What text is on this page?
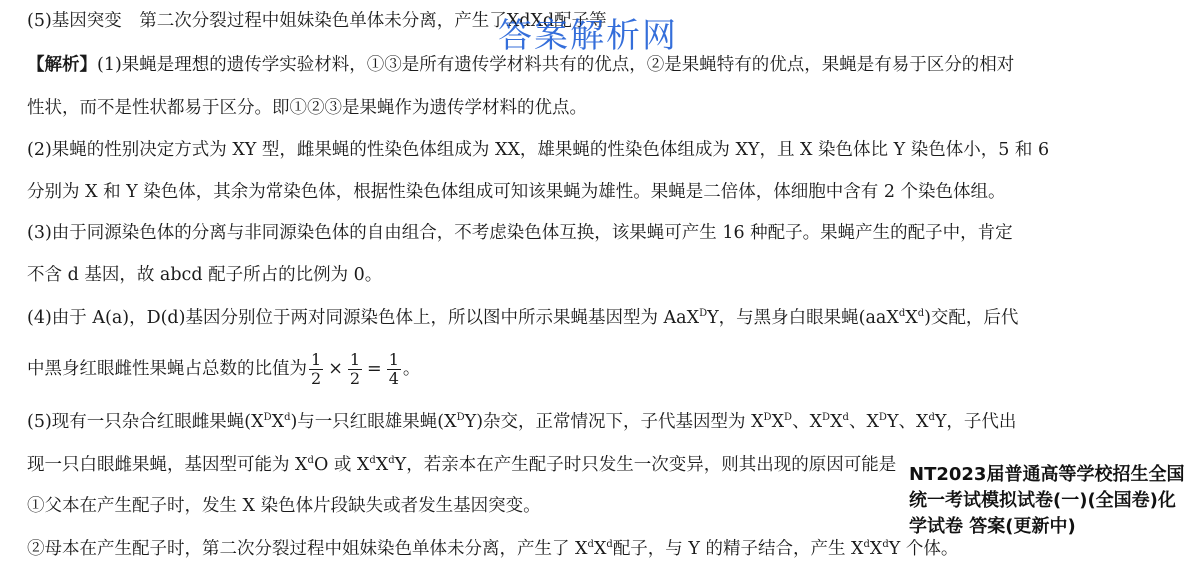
(5)基因突变　第二次分裂过程中姐妹染色单体未分离，产生了XdXd配子等
【解析】(1)果蝇是理想的遗传学实验材料，①③是所有遗传学材料共有的优点，②是果蝇特有的优点，果蝇是有易于区分的相对
性状，而不是性状都易于区分。即①②③是果蝇作为遗传学材料的优点。
(2)果蝇的性别决定方式为 XY 型，雌果蝇的性染色体组成为 XX，雄果蝇的性染色体组成为 XY，且 X 染色体比 Y 染色体小，5 和 6
分别为 X 和 Y 染色体，其余为常染色体，根据性染色体组成可知该果蝇为雄性。果蝇是二倍体，体细胞中含有 2 个染色体组。
(3)由于同源染色体的分离与非同源染色体的自由组合，不考虑染色体互换，该果蝇可产生 16 种配子。果蝇产生的配子中，肯定
不含 d 基因，故 abcd 配子所占的比例为 0。
(4)由于 A(a)，D(d)基因分别位于两对同源染色体上，所以图中所示果蝇基因型为 AaX$^D$Y，与黑身白眼果蝇$(aaX^dX^d)$交配，后代
中黑身红眼雌性果蝇占总数的比值为 $\frac{1}{2} \times \frac{1}{2} = \frac{1}{4}$ 。
(5)现有一只杂合红眼雌果蝇$(X^DX^d)$与一只红眼雄果蝇$(X^DY)$杂交，正常情况下，子代基因型为 $X^DX^D$、$X^DX^d$、$X^DY$、$X^dY$，子代出
现一只白眼雌果蝇，基因型可能为 $X^dO$ 或 $X^dX^dY$，若亲本在产生配子时只发生一次变异，则其出现的原因可能是
①父本在产生配子时，发生 X 染色体片段缺失或者发生基因突变。
②母本在产生配子时，第二次分裂过程中姐妹染色单体未分离，产生了 $X^dX^d$配子，与 Y 的精子结合，产生 $X^dX^dY$ 个体。
答案解析网
NT2023届普通高等学校招生全国统一考试模拟试卷(一)(全国卷)化学试卷 答案(更新中)
